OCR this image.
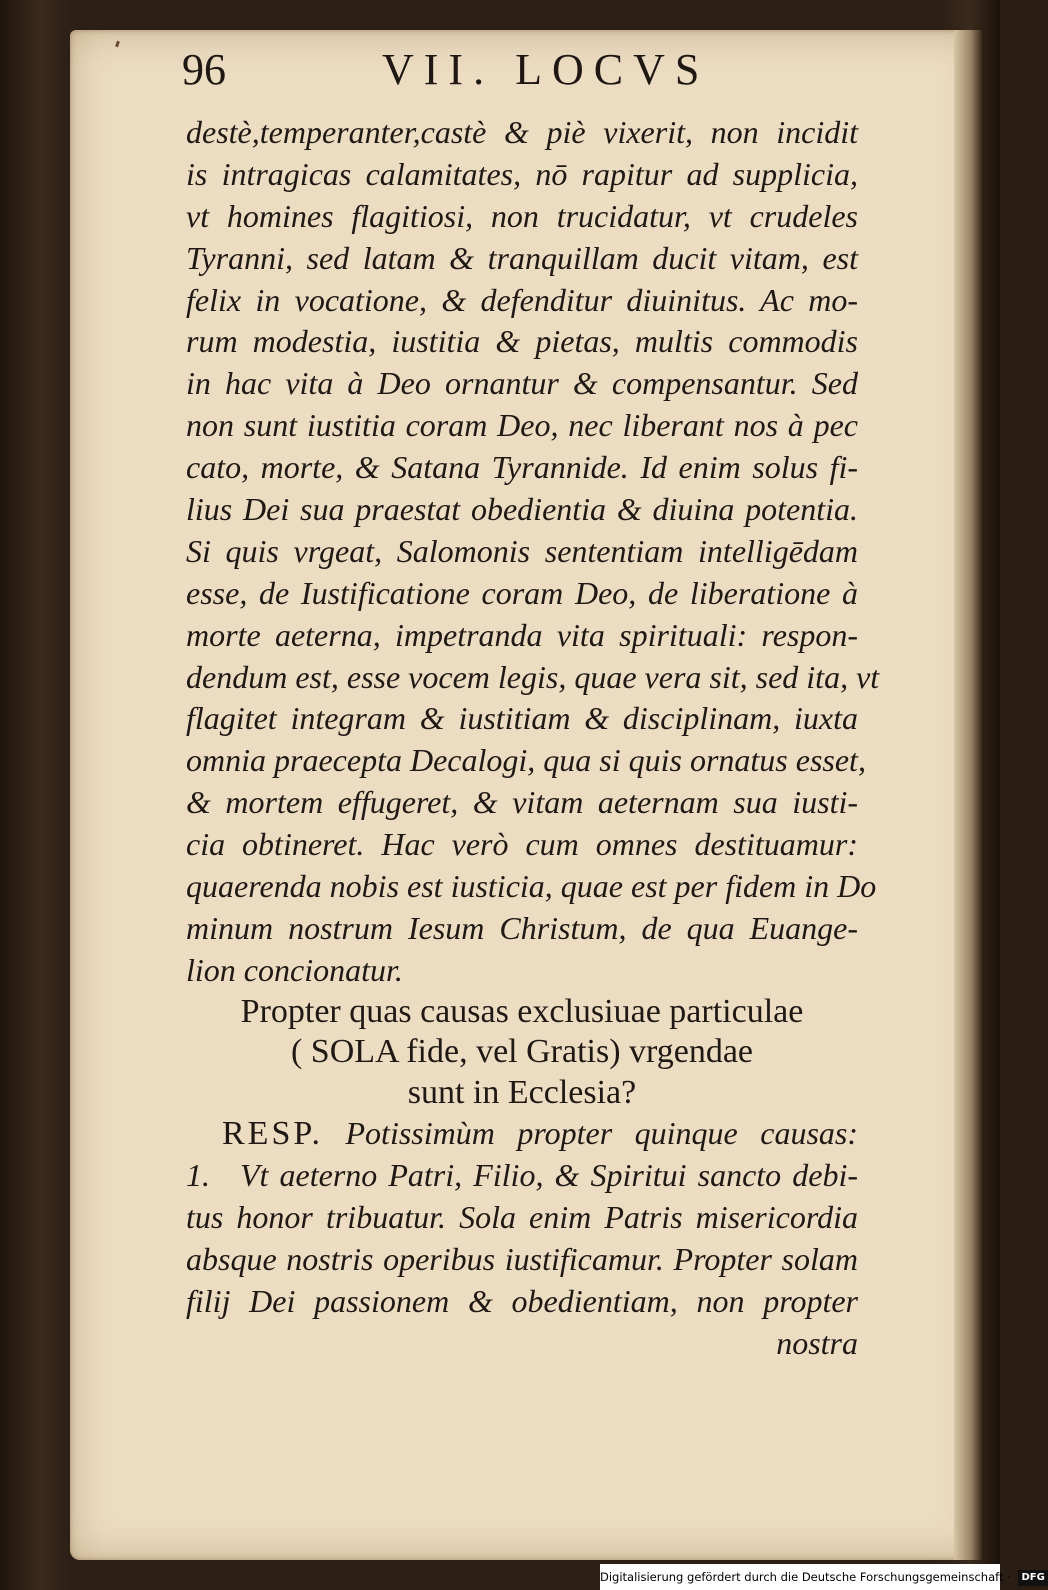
96	VII. LOCVS
destè,temperanter,castè & piè vixerit, non incidit
is intragicas calamitates, nō rapitur ad supplicia,
vt homines flagitiosi, non trucidatur, vt crudeles
Tyranni, sed latam & tranquillam ducit vitam, est
felix in vocatione, & defenditur diuinitus. Ac mo-
rum modestia, iustitia & pietas, multis commodis
in hac vita à Deo ornantur & compensantur. Sed
non sunt iustitia coram Deo, nec liberant nos à pec
cato, morte, & Satana Tyrannide. Id enim solus fi-
lius Dei sua praestat obedientia & diuina potentia.
Si quis vrgeat, Salomonis sententiam intelligēdam
esse, de Iustificatione coram Deo, de liberatione à
morte aeterna, impetranda vita spirituali: respon-
dendum est, esse vocem legis, quae vera sit, sed ita, vt
flagitet integram & iustitiam & disciplinam, iuxta
omnia praecepta Decalogi, qua si quis ornatus esset,
& mortem effugeret, & vitam aeternam sua iusti-
cia obtineret. Hac verò cum omnes destituamur:
quaerenda nobis est iusticia, quae est per fidem in Do
minum nostrum Iesum Christum, de qua Euange-
lion concionatur.
Propter quas causas exclusiuae particulae
( SOLA fide, vel Gratis) vrgendae
sunt in Ecclesia?
RESP. Potissimùm propter quinque causas:
1. Vt aeterno Patri, Filio, & Spiritui sancto debi-
tus honor tribuatur. Sola enim Patris misericordia
absque nostris operibus iustificamur. Propter solam
filij Dei passionem & obedientiam, non propter
nostra
Digitalisierung gefördert durch die Deutsche Forschungsgemeinschaft · DFG
